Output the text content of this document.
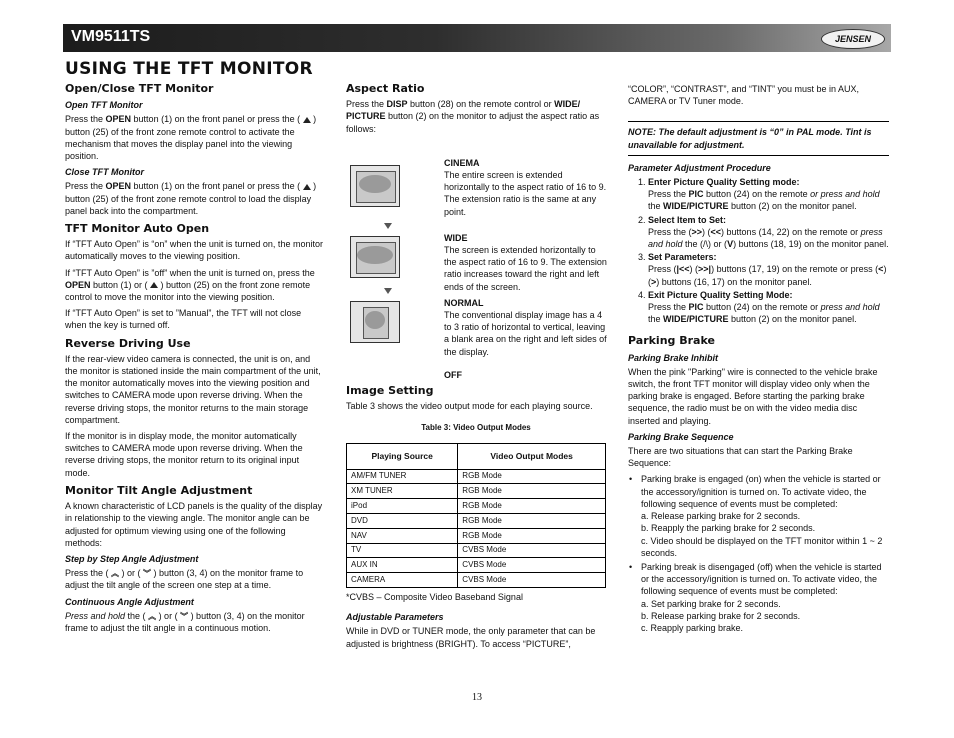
VM9511TS	JENSEN
USING THE TFT MONITOR
Open/Close TFT Monitor
Open TFT Monitor

Press the OPEN button (1) on the front panel or press the (  ) button (25) of the front zone remote control to activate the mechanism that moves the display panel into the viewing position.

Close TFT Monitor

Press the OPEN button (1) on the front panel or press the (  ) button (25) of the front zone remote control to load the display panel back into the compartment.

TFT Monitor Auto Open

If “TFT Auto Open” is “on” when the unit is turned on, the monitor automatically moves to the viewing position.

If “TFT Auto Open” is ”off” when the unit is turned on, press the OPEN button (1) or (  ) button (25) on the front zone remote control to move the monitor into the viewing position.

If “TFT Auto Open” is set to ”Manual”, the TFT will not close when the key is turned off.

Reverse Driving Use

If the rear-view video camera is connected, the unit is on, and the monitor is stationed inside the main compartment of the unit, the monitor automatically moves into the viewing position and switches to CAMERA mode upon reverse driving. When the reverse driving stops, the monitor returns to the main storage compartment.

If the monitor is in display mode, the monitor automatically switches to CAMERA mode upon reverse driving. When the reverse driving stops, the monitor return to its original input mode.

Monitor Tilt Angle Adjustment

A known characteristic of LCD panels is the quality of the display in relationship to the viewing angle. The monitor angle can be adjusted for optimum viewing using one of the following methods:

Step by Step Angle Adjustment

Press the ( ︽ ) or ( ︾ ) button (3, 4) on the monitor frame to adjust the tilt angle of the screen one step at a time.

Continuous Angle Adjustment

Press and hold the ( ︽ ) or ( ︾ ) button (3, 4) on the monitor frame to adjust the tilt angle in a continuous motion.

Aspect Ratio

Press the DISP button (28) on the remote control or WIDE/ PICTURE button (2) on the monitor to adjust the aspect ratio as follows:

CINEMA
The entire screen is extended horizontally to the aspect ratio of 16 to 9. The extension ratio is the same at any point.
WIDE
The screen is extended horizontally to the aspect ratio of 16 to 9. The extension ratio increases toward the right and left ends of the screen.
NORMAL
The conventional display image has a 4 to 3 ratio of horizontal to vertical, leaving a blank area on the right and left sides of the display.
OFF
Image Setting

Table 3 shows the video output mode for each playing source.

Table 3: Video Output Modes
Playing Source	Video Output Modes
AM/FM TUNER	RGB Mode
XM TUNER	RGB Mode
iPod	RGB Mode
DVD	RGB Mode
NAV	RGB Mode
TV	CVBS Mode
AUX IN	CVBS Mode
CAMERA	CVBS Mode

*CVBS – Composite Video Baseband Signal

Adjustable Parameters

While in DVD or TUNER mode, the only parameter that can be adjusted is brightness (BRIGHT). To access “PICTURE”,

“COLOR”, “CONTRAST”, and “TINT” you must be in AUX, CAMERA or TV Tuner mode.

NOTE: The default adjustment is “0” in PAL mode. Tint is unavailable for adjustment.
Parameter Adjustment Procedure
1. Enter Picture Quality Setting mode:
Press the PIC button (24) on the remote or press and hold the WIDE/PICTURE button (2) on the monitor panel.
2. Select Item to Set:
Press the (>>) (<<) buttons (14, 22) on the remote or press and hold the (/\) or (V) buttons (18, 19) on the monitor panel.
3. Set Parameters:
Press (|<<) (>>|) buttons (17, 19) on the remote or press (<) (>) buttons (16, 17) on the monitor panel.
4. Exit Picture Quality Setting Mode:
Press the PIC button (24) on the remote or press and hold the WIDE/PICTURE button (2) on the monitor panel.
Parking Brake
Parking Brake Inhibit

When the pink "Parking" wire is connected to the vehicle brake switch, the front TFT monitor will display video only when the parking brake is engaged. Before starting the parking brake sequence, the radio must be on with the video media disc inserted and playing.

Parking Brake Sequence

There are two situations that can start the Parking Brake Sequence:

• Parking brake is engaged (on) when the vehicle is started or the accessory/ignition is turned on. To activate video, the following sequence of events must be completed:
a. Release parking brake for 2 seconds.
b. Reapply the parking brake for 2 seconds.
c. Video should be displayed on the TFT monitor within 1 ~ 2 seconds.
• Parking break is disengaged (off) when the vehicle is started or the accessory/ignition is turned on. To activate video, the following sequence of events must be completed:
a. Set parking brake for 2 seconds.
b. Release parking brake for 2 seconds.
c. Reapply parking brake.
13
